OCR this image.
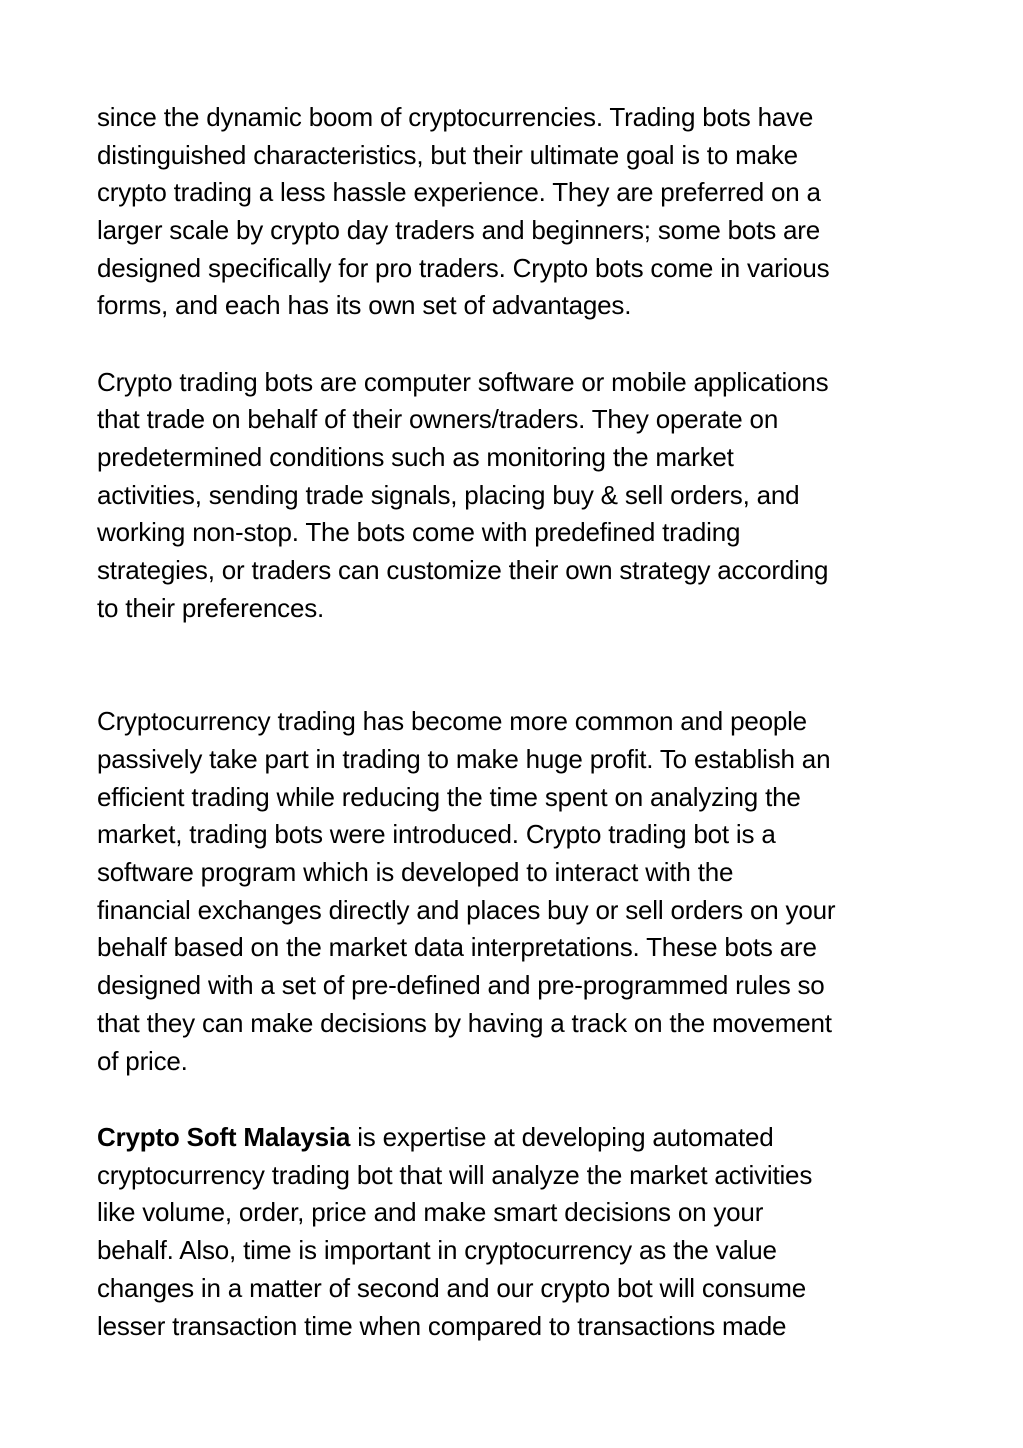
since the dynamic boom of cryptocurrencies. Trading bots have

distinguished characteristics, but their ultimate goal is to make

crypto trading a less hassle experience. They are preferred on a

larger scale by crypto day traders and beginners; some bots are

designed specifically for pro traders. Crypto bots come in various

forms, and each has its own set of advantages.

Crypto trading bots are computer software or mobile applications

that trade on behalf of their owners/traders. They operate on

predetermined conditions such as monitoring the market

activities, sending trade signals, placing buy & sell orders, and

working non-stop. The bots come with predefined trading

strategies, or traders can customize their own strategy according

to their preferences.

Cryptocurrency trading has become more common and people

passively take part in trading to make huge profit. To establish an

efficient trading while reducing the time spent on analyzing the

market, trading bots were introduced. Crypto trading bot is a

software program which is developed to interact with the

financial exchanges directly and places buy or sell orders on your

behalf based on the market data interpretations. These bots are

designed with a set of pre-defined and pre-programmed rules so

that they can make decisions by having a track on the movement

of price.

Crypto Soft Malaysia is expertise at developing automated

cryptocurrency trading bot that will analyze the market activities

like volume, order, price and make smart decisions on your

behalf. Also, time is important in cryptocurrency as the value

changes in a matter of second and our crypto bot will consume

lesser transaction time when compared to transactions made
